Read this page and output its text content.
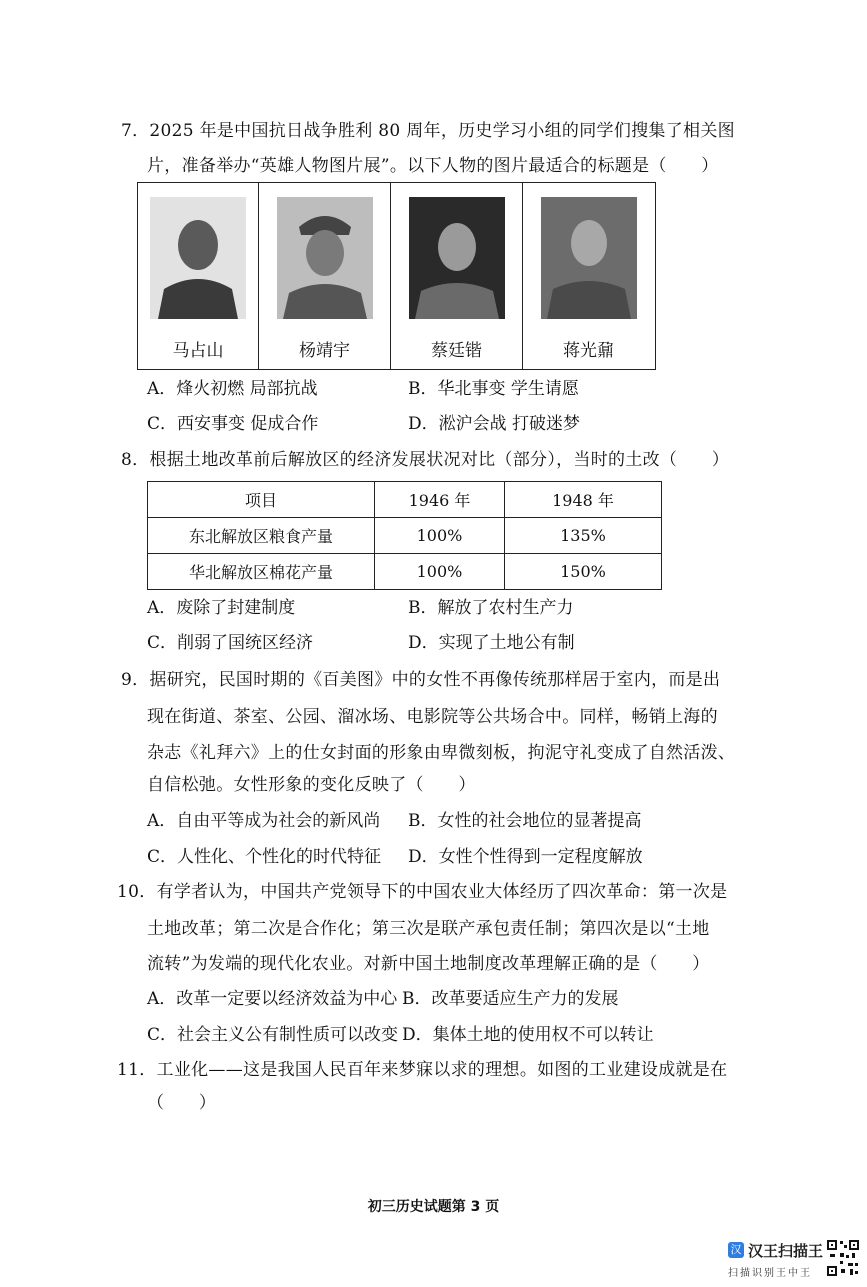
7．2025 年是中国抗日战争胜利 80 周年，历史学习小组的同学们搜集了相关图
片，准备举办“英雄人物图片展”。以下人物的图片最适合的标题是（　　）
马占山	杨靖宇	蔡廷锴	蒋光鼐
A．烽火初燃 局部抗战	B．华北事变 学生请愿
C．西安事变 促成合作	D．淞沪会战 打破迷梦
8．根据土地改革前后解放区的经济发展状况对比（部分），当时的土改（　　）
项目	1946 年	1948 年
东北解放区粮食产量	100%	135%
华北解放区棉花产量	100%	150%
A．废除了封建制度	B．解放了农村生产力
C．削弱了国统区经济	D．实现了土地公有制
9．据研究，民国时期的《百美图》中的女性不再像传统那样居于室内，而是出
现在街道、茶室、公园、溜冰场、电影院等公共场合中。同样，畅销上海的
杂志《礼拜六》上的仕女封面的形象由卑微刻板，拘泥守礼变成了自然活泼、
自信松弛。女性形象的变化反映了（　　）
A．自由平等成为社会的新风尚 B．女性的社会地位的显著提高
C．人性化、个性化的时代特征 D．女性个性得到一定程度解放
10．有学者认为，中国共产党领导下的中国农业大体经历了四次革命：第一次是
土地改革；第二次是合作化；第三次是联产承包责任制；第四次是以“土地
流转”为发端的现代化农业。对新中国土地制度改革理解正确的是（　　）
A．改革一定要以经济效益为中心 B．改革要适应生产力的发展
C．社会主义公有制性质可以改变 D．集体土地的使用权不可以转让
11．工业化——这是我国人民百年来梦寐以求的理想。如图的工业建设成就是在
（　　）
初三历史试题第 3 页
汉 汉王扫描王
扫描识别王中王
